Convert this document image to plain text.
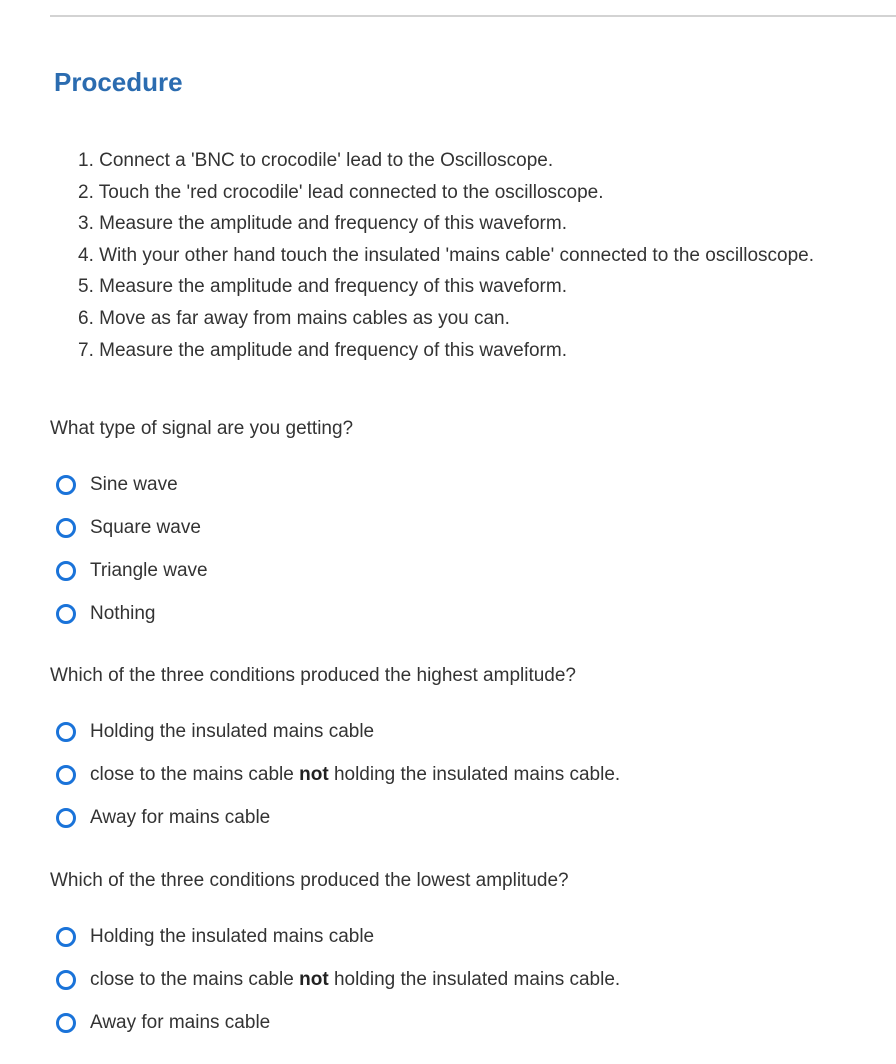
Procedure
1. Connect a 'BNC to crocodile' lead to the Oscilloscope.
2. Touch the 'red crocodile' lead connected to the oscilloscope.
3. Measure the amplitude and frequency of this waveform.
4. With your other hand touch the insulated 'mains cable' connected to the oscilloscope.
5. Measure the amplitude and frequency of this waveform.
6. Move as far away from mains cables as you can.
7. Measure the amplitude and frequency of this waveform.

What type of signal are you getting?

Sine wave
Square wave
Triangle wave
Nothing

Which of the three conditions produced the highest amplitude?

Holding the insulated mains cable
close to the mains cable not holding the insulated mains cable.
Away for mains cable

Which of the three conditions produced the lowest amplitude?

Holding the insulated mains cable
close to the mains cable not holding the insulated mains cable.
Away for mains cable
